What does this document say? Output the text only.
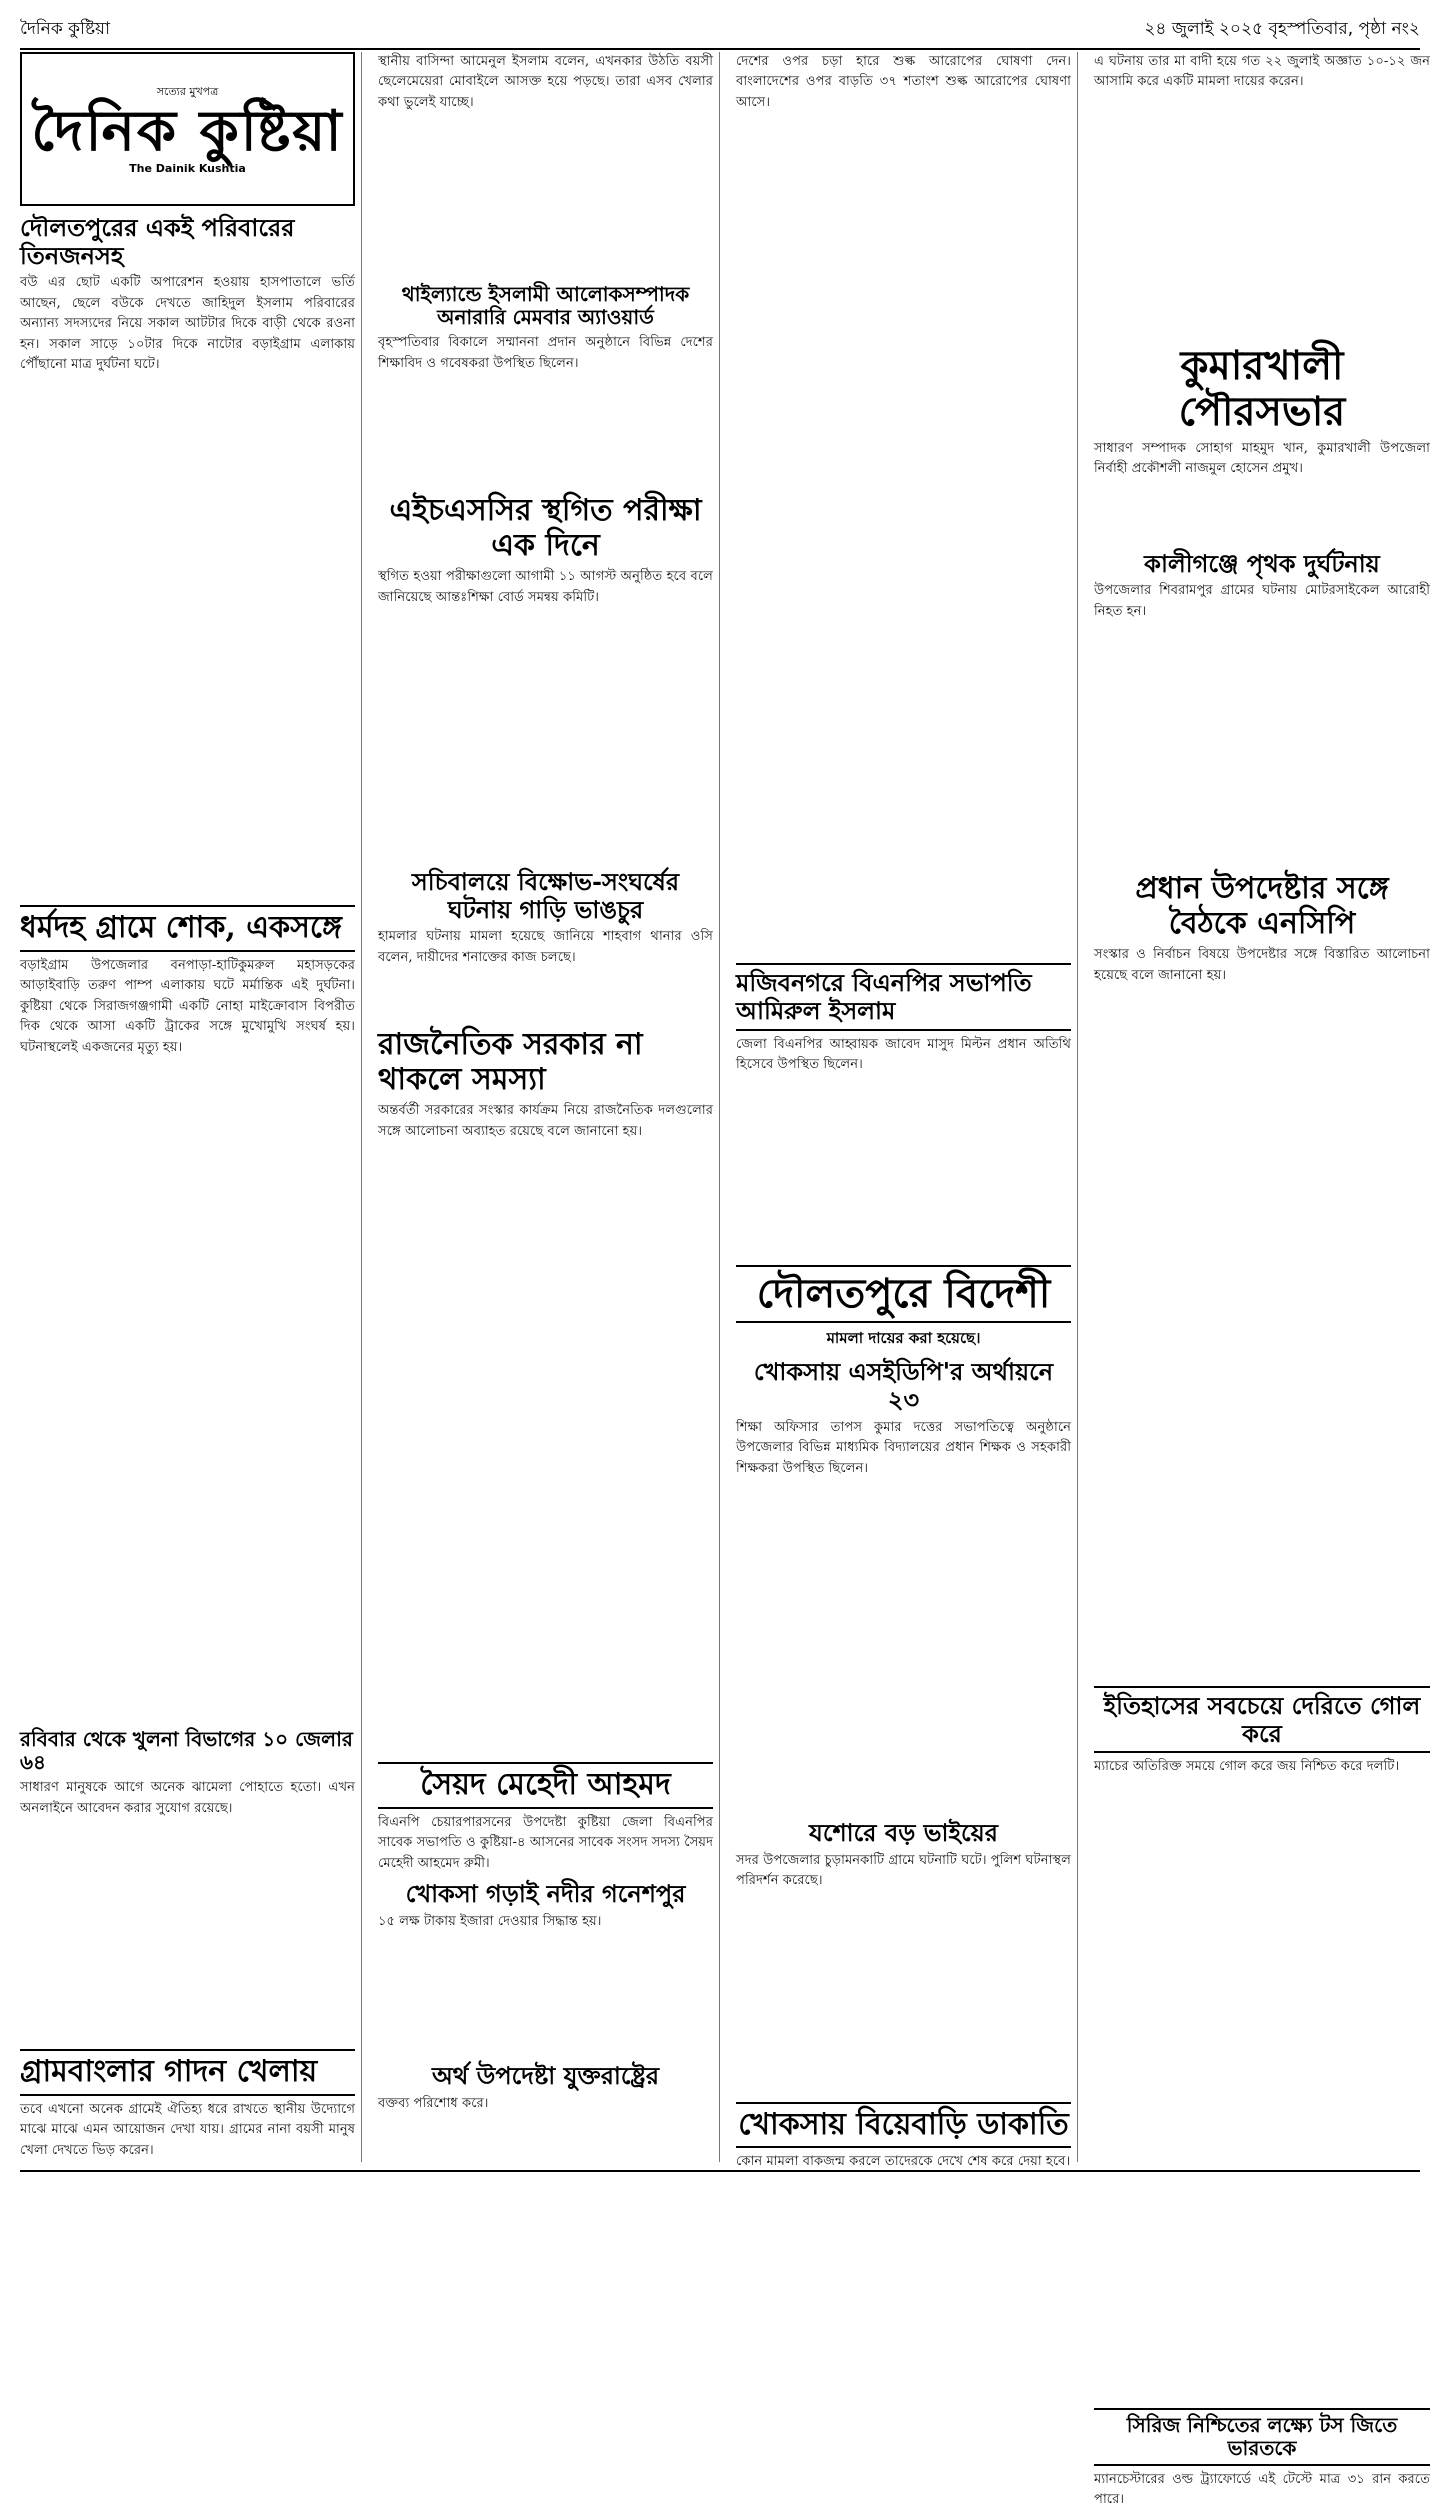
দৈনিক কুষ্টিয়া	২৪ জুলাই ২০২৫ বৃহস্পতিবার, পৃষ্ঠা নং২
সত্যের মুখপত্র
দৈনিক কুষ্টিয়া
The Dainik Kushtia
দৌলতপুরের একই পরিবারের তিনজনসহ

বউ এর ছোট একটি অপারেশন হওয়ায় হাসপাতালে ভর্তি আছেন, ছেলে বউকে দেখতে জাহিদুল ইসলাম পরিবারের অন্যান্য সদস্যদের নিয়ে সকাল আটটার দিকে বাড়ী থেকে রওনা হন। সকাল সাড়ে ১০টার দিকে নাটোর বড়াইগ্রাম এলাকায় পৌঁছানো মাত্র দুর্ঘটনা ঘটে।

ধর্মদহ গ্রামে শোক, একসঙ্গে

বড়াইগ্রাম উপজেলার বনপাড়া-হাটিকুমরুল মহাসড়কের আড়াইবাড়ি তরুণ পাম্প এলাকায় ঘটে মর্মান্তিক এই দুর্ঘটনা। কুষ্টিয়া থেকে সিরাজগঞ্জগামী একটি নোহা মাইক্রোবাস বিপরীত দিক থেকে আসা একটি ট্রাকের সঙ্গে মুখোমুখি সংঘর্ষ হয়। ঘটনাস্থলেই একজনের মৃত্যু হয়।

রবিবার থেকে খুলনা বিভাগের ১০ জেলার ৬৪

সাধারণ মানুষকে আগে অনেক ঝামেলা পোহাতে হতো। এখন অনলাইনে আবেদন করার সুযোগ রয়েছে।

গ্রামবাংলার গাদন খেলায়

তবে এখনো অনেক গ্রামেই ঐতিহ্য ধরে রাখতে স্থানীয় উদ্যোগে মাঝে মাঝে এমন আয়োজন দেখা যায়। গ্রামের নানা বয়সী মানুষ খেলা দেখতে ভিড় করেন।

স্থানীয় বাসিন্দা আমেনুল ইসলাম বলেন, এখনকার উঠতি বয়সী ছেলেমেয়েরা মোবাইলে আসক্ত হয়ে পড়ছে। তারা এসব খেলার কথা ভুলেই যাচ্ছে।

থাইল্যান্ডে ইসলামী আলোকসম্পাদক অনারারি মেমবার অ্যাওয়ার্ড

বৃহস্পতিবার বিকালে সম্মাননা প্রদান অনুষ্ঠানে বিভিন্ন দেশের শিক্ষাবিদ ও গবেষকরা উপস্থিত ছিলেন।

এইচএসসির স্থগিত পরীক্ষা এক দিনে

স্থগিত হওয়া পরীক্ষাগুলো আগামী ১১ আগস্ট অনুষ্ঠিত হবে বলে জানিয়েছে আন্তঃশিক্ষা বোর্ড সমন্বয় কমিটি।

সচিবালয়ে বিক্ষোভ-সংঘর্ষের ঘটনায় গাড়ি ভাঙচুর

হামলার ঘটনায় মামলা হয়েছে জানিয়ে শাহবাগ থানার ওসি বলেন, দায়ীদের শনাক্তের কাজ চলছে।

রাজনৈতিক সরকার না থাকলে সমস্যা

অন্তর্বর্তী সরকারের সংস্কার কার্যক্রম নিয়ে রাজনৈতিক দলগুলোর সঙ্গে আলোচনা অব্যাহত রয়েছে বলে জানানো হয়।

সৈয়দ মেহেদী আহমদ

বিএনপি চেয়ারপারসনের উপদেষ্টা কুষ্টিয়া জেলা বিএনপির সাবেক সভাপতি ও কুষ্টিয়া-৪ আসনের সাবেক সংসদ সদস্য সৈয়দ মেহেদী আহমেদ রুমী।

খোকসা গড়াই নদীর গনেশপুর

১৫ লক্ষ টাকায় ইজারা দেওয়ার সিদ্ধান্ত হয়।

অর্থ উপদেষ্টা যুক্তরাষ্ট্রের

বক্তব্য পরিশোধ করে।

দেশের ওপর চড়া হারে শুল্ক আরোপের ঘোষণা দেন। বাংলাদেশের ওপর বাড়তি ৩৭ শতাংশ শুল্ক আরোপের ঘোষণা আসে।

মজিবনগরে বিএনপির সভাপতি আমিরুল ইসলাম

জেলা বিএনপির আহ্বায়ক জাবেদ মাসুদ মিল্টন প্রধান অতিথি হিসেবে উপস্থিত ছিলেন।

দৌলতপুরে বিদেশী
মামলা দায়ের করা হয়েছে।
খোকসায় এসইডিপি'র অর্থায়নে ২৩

শিক্ষা অফিসার তাপস কুমার দত্তের সভাপতিত্বে অনুষ্ঠানে উপজেলার বিভিন্ন মাধ্যমিক বিদ্যালয়ের প্রধান শিক্ষক ও সহকারী শিক্ষকরা উপস্থিত ছিলেন।

যশোরে বড় ভাইয়ের

সদর উপজেলার চুড়ামনকাটি গ্রামে ঘটনাটি ঘটে। পুলিশ ঘটনাস্থল পরিদর্শন করেছে।

খোকসায় বিয়েবাড়ি ডাকাতি

কোন মামলা বাকজন্ম করলে তাদেরকে দেখে শেষ করে দেয়া হবে।

এ ঘটনায় তার মা বাদী হয়ে গত ২২ জুলাই অজ্ঞাত ১০-১২ জন আসামি করে একটি মামলা দায়ের করেন।

কুমারখালী পৌরসভার

সাধারণ সম্পাদক সোহাগ মাহমুদ খান, কুমারখালী উপজেলা নির্বাহী প্রকৌশলী নাজমুল হোসেন প্রমুখ।

কালীগঞ্জে পৃথক দুর্ঘটনায়

উপজেলার শিবরামপুর গ্রামের ঘটনায় মোটরসাইকেল আরোহী নিহত হন।

প্রধান উপদেষ্টার সঙ্গে বৈঠকে এনসিপি

সংস্কার ও নির্বাচন বিষয়ে উপদেষ্টার সঙ্গে বিস্তারিত আলোচনা হয়েছে বলে জানানো হয়।

ইতিহাসের সবচেয়ে দেরিতে গোল করে

ম্যাচের অতিরিক্ত সময়ে গোল করে জয় নিশ্চিত করে দলটি।

সিরিজ নিশ্চিতের লক্ষ্যে টস জিতে ভারতকে

ম্যানচেস্টারের ওল্ড ট্র্যাফোর্ডে এই টেস্টে মাত্র ৩১ রান করতে পারে।
